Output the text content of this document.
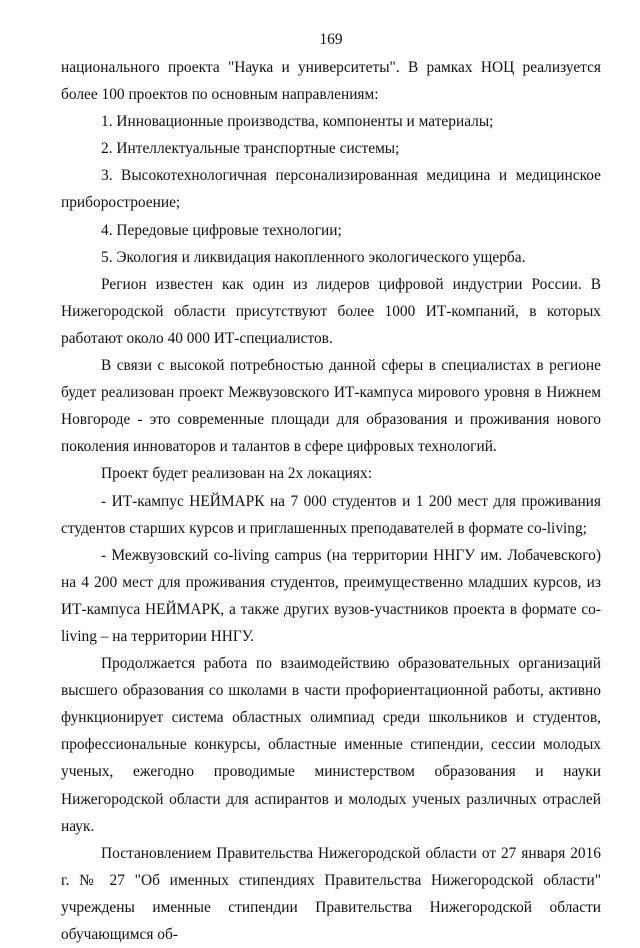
169

национального проекта "Наука и университеты". В рамках НОЦ реализуется более 100 проектов по основным направлениям:

1. Инновационные производства, компоненты и материалы;

2. Интеллектуальные транспортные системы;

3. Высокотехнологичная персонализированная медицина и медицинское приборостроение;

4. Передовые цифровые технологии;

5. Экология и ликвидация накопленного экологического ущерба.

Регион известен как один из лидеров цифровой индустрии России. В Нижегородской области присутствуют более 1000 ИТ-компаний, в которых работают около 40 000 ИТ-специалистов.

В связи с высокой потребностью данной сферы в специалистах в регионе будет реализован проект Межвузовского ИТ-кампуса мирового уровня в Нижнем Новгороде - это современные площади для образования и проживания нового поколения инноваторов и талантов в сфере цифровых технологий.

Проект будет реализован на 2х локациях:

- ИТ-кампус НЕЙМАРК на 7 000 студентов и 1 200 мест для проживания студентов старших курсов и приглашенных преподавателей в формате co-living;

- Межвузовский co-living campus (на территории ННГУ им. Лобачевского) на 4 200 мест для проживания студентов, преимущественно младших курсов, из ИТ-кампуса НЕЙМАРК, а также других вузов-участников проекта в формате co-living – на территории ННГУ.

Продолжается работа по взаимодействию образовательных организаций высшего образования со школами в части профориентационной работы, активно функционирует система областных олимпиад среди школьников и студентов, профессиональные конкурсы, областные именные стипендии, сессии молодых ученых, ежегодно проводимые министерством образования и науки Нижегородской области для аспирантов и молодых ученых различных отраслей наук.

Постановлением Правительства Нижегородской области от 27 января 2016 г. № 27 "Об именных стипендиях Правительства Нижегородской области" учреждены именные стипендии Правительства Нижегородской области обучающимся об-
